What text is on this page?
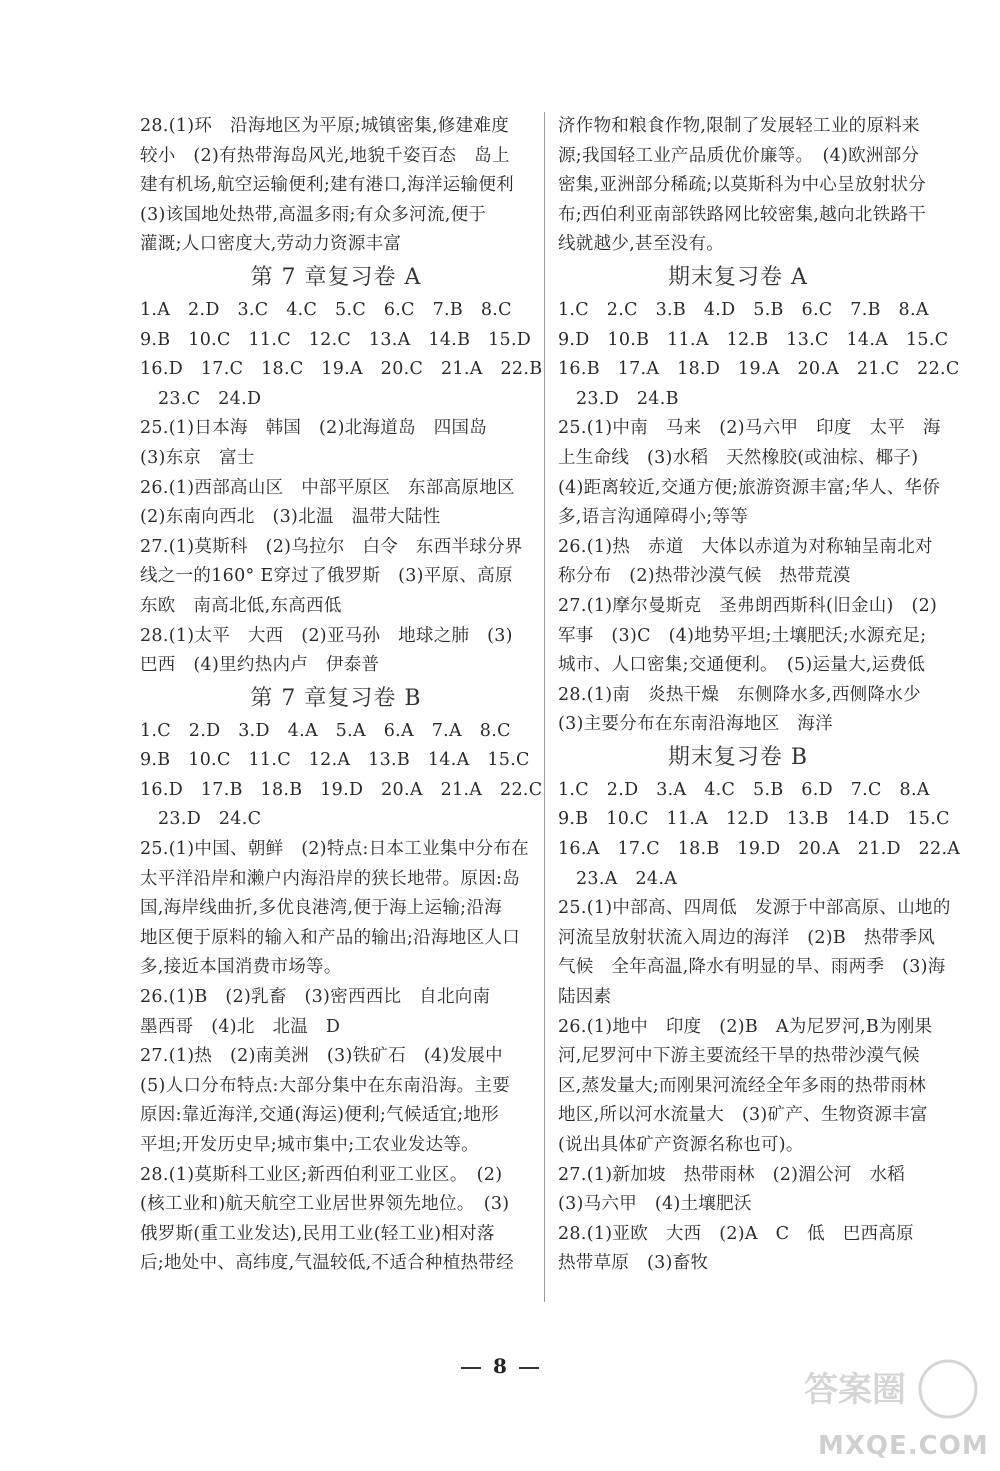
28.(1)环　沿海地区为平原;城镇密集,修建难度
较小　(2)有热带海岛风光,地貌千姿百态　岛上
建有机场,航空运输便利;建有港口,海洋运输便利
(3)该国地处热带,高温多雨;有众多河流,便于
灌溉;人口密度大,劳动力资源丰富
第 7 章复习卷 A
1.A　2.D　3.C　4.C　5.C　6.C　7.B　8.C
9.B　10.C　11.C　12.C　13.A　14.B　15.D
16.D　17.C　18.C　19.A　20.C　21.A　22.B
23.C　24.D
25.(1)日本海　韩国　(2)北海道岛　四国岛
(3)东京　富士
26.(1)西部高山区　中部平原区　东部高原地区
(2)东南向西北　(3)北温　温带大陆性
27.(1)莫斯科　(2)乌拉尔　白令　东西半球分界
线之一的160° E穿过了俄罗斯　(3)平原、高原
东欧　南高北低,东高西低
28.(1)太平　大西　(2)亚马孙　地球之肺　(3)
巴西　(4)里约热内卢　伊泰普
第 7 章复习卷 B
1.C　2.D　3.D　4.A　5.A　6.A　7.A　8.C
9.B　10.C　11.C　12.A　13.B　14.A　15.C
16.D　17.B　18.B　19.D　20.A　21.A　22.C
23.D　24.C
25.(1)中国、朝鲜　(2)特点:日本工业集中分布在
太平洋沿岸和濑户内海沿岸的狭长地带。原因:岛
国,海岸线曲折,多优良港湾,便于海上运输;沿海
地区便于原料的输入和产品的输出;沿海地区人口
多,接近本国消费市场等。
26.(1)B　(2)乳畜　(3)密西西比　自北向南
墨西哥　(4)北　北温　D
27.(1)热　(2)南美洲　(3)铁矿石　(4)发展中
(5)人口分布特点:大部分集中在东南沿海。主要
原因:靠近海洋,交通(海运)便利;气候适宜;地形
平坦;开发历史早;城市集中;工农业发达等。
28.(1)莫斯科工业区;新西伯利亚工业区。　(2)
(核工业和)航天航空工业居世界领先地位。　(3)
俄罗斯(重工业发达),民用工业(轻工业)相对落
后;地处中、高纬度,气温较低,不适合种植热带经
济作物和粮食作物,限制了发展轻工业的原料来
源;我国轻工业产品质优价廉等。　(4)欧洲部分
密集,亚洲部分稀疏;以莫斯科为中心呈放射状分
布;西伯利亚南部铁路网比较密集,越向北铁路干
线就越少,甚至没有。
期末复习卷 A
1.C　2.C　3.B　4.D　5.B　6.C　7.B　8.A
9.D　10.B　11.A　12.B　13.C　14.A　15.C
16.B　17.A　18.D　19.A　20.A　21.C　22.C
23.D　24.B
25.(1)中南　马来　(2)马六甲　印度　太平　海
上生命线　(3)水稻　天然橡胶(或油棕、椰子)
(4)距离较近,交通方便;旅游资源丰富;华人、华侨
多,语言沟通障碍小;等等
26.(1)热　赤道　大体以赤道为对称轴呈南北对
称分布　(2)热带沙漠气候　热带荒漠
27.(1)摩尔曼斯克　圣弗朗西斯科(旧金山)　(2)
军事　(3)C　(4)地势平坦;土壤肥沃;水源充足;
城市、人口密集;交通便利。　(5)运量大,运费低
28.(1)南　炎热干燥　东侧降水多,西侧降水少
(3)主要分布在东南沿海地区　海洋
期末复习卷 B
1.C　2.D　3.A　4.C　5.B　6.D　7.C　8.A
9.B　10.C　11.A　12.D　13.B　14.D　15.C
16.A　17.C　18.B　19.D　20.A　21.D　22.A
23.A　24.A
25.(1)中部高、四周低　发源于中部高原、山地的
河流呈放射状流入周边的海洋　(2)B　热带季风
气候　全年高温,降水有明显的旱、雨两季　(3)海
陆因素
26.(1)地中　印度　(2)B　A为尼罗河,B为刚果
河,尼罗河中下游主要流经干旱的热带沙漠气候
区,蒸发量大;而刚果河流经全年多雨的热带雨林
地区,所以河水流量大　(3)矿产、生物资源丰富
(说出具体矿产资源名称也可)。
27.(1)新加坡　热带雨林　(2)湄公河　水稻
(3)马六甲　(4)土壤肥沃
28.(1)亚欧　大西　(2)A　C　低　巴西高原
热带草原　(3)畜牧
8
答案圈
MXQE.COM
